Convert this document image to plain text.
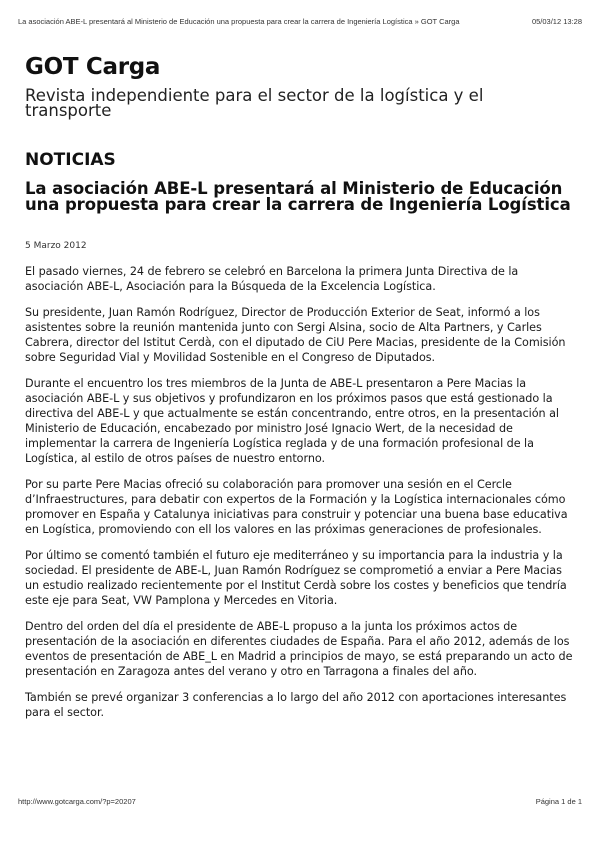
La asociación ABE-L presentará al Ministerio de Educación una propuesta para crear la carrera de Ingeniería Logística » GOT Carga	05/03/12 13:28
GOT Carga

Revista independiente para el sector de la logística y el transporte

NOTICIAS
La asociación ABE-L presentará al Ministerio de Educación una propuesta para crear la carrera de Ingeniería Logística
5 Marzo 2012

El pasado viernes, 24 de febrero se celebró en Barcelona la primera Junta Directiva de la asociación ABE-L, Asociación para la Búsqueda de la Excelencia Logística.

Su presidente, Juan Ramón Rodríguez, Director de Producción Exterior de Seat, informó a los asistentes sobre la reunión mantenida junto con Sergi Alsina, socio de Alta Partners, y Carles Cabrera, director del Istitut Cerdà, con el diputado de CiU Pere Macias, presidente de la Comisión sobre Seguridad Vial y Movilidad Sostenible en el Congreso de Diputados.

Durante el encuentro los tres miembros de la Junta de ABE-L presentaron a Pere Macias la asociación ABE-L y sus objetivos y profundizaron en los próximos pasos que está gestionado la directiva del ABE-L y que actualmente se están concentrando, entre otros, en la presentación al Ministerio de Educación, encabezado por ministro José Ignacio Wert, de la necesidad de implementar la carrera de Ingeniería Logística reglada y de una formación profesional de la Logística, al estilo de otros países de nuestro entorno.

Por su parte Pere Macias ofreció su colaboración para promover una sesión en el Cercle d’Infraestructures, para debatir con expertos de la Formación y la Logística internacionales cómo promover en España y Catalunya iniciativas para construir y potenciar una buena base educativa en Logística, promoviendo con ell los valores en las próximas generaciones de profesionales.

Por último se comentó también el futuro eje mediterráneo y su importancia para la industria y la sociedad. El presidente de ABE-L, Juan Ramón Rodríguez se comprometió a enviar a Pere Macias un estudio realizado recientemente por el Institut Cerdà sobre los costes y beneficios que tendría este eje para Seat, VW Pamplona y Mercedes en Vitoria.

Dentro del orden del día el presidente de ABE-L propuso a la junta los próximos actos de presentación de la asociación en diferentes ciudades de España. Para el año 2012, además de los eventos de presentación de ABE_L en Madrid a principios de mayo, se está preparando un acto de presentación en Zaragoza antes del verano y otro en Tarragona a finales del año.

También se prevé organizar 3 conferencias a lo largo del año 2012 con aportaciones interesantes para el sector.

http://www.gotcarga.com/?p=20207	Página 1 de 1
